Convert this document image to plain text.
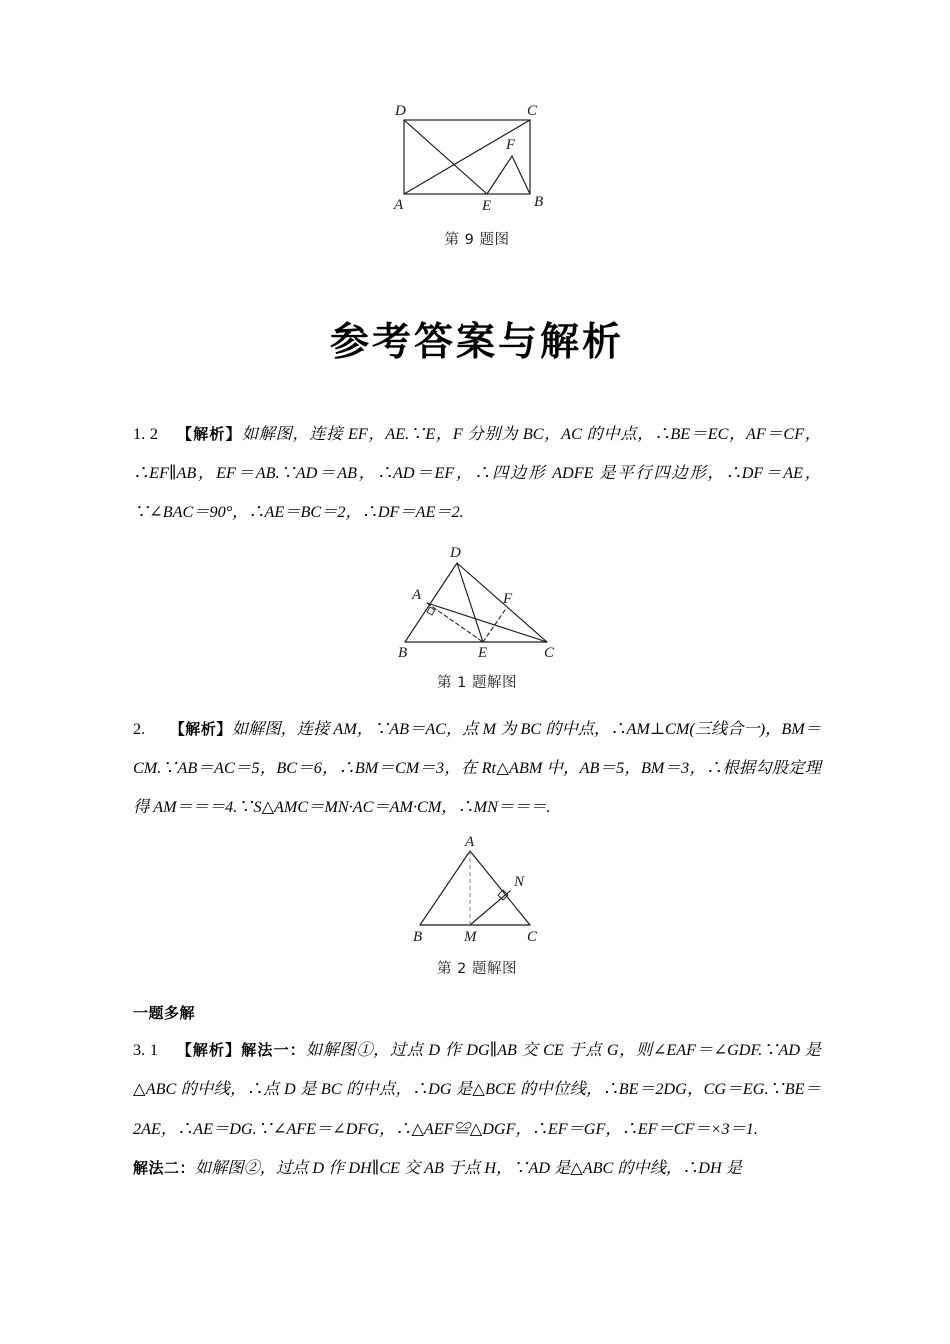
D	C
F
A	E	B
第 9 题图
参考答案与解析
1. 2 【解析】如解图，连接 EF，AE.∵E，F 分别为 BC，AC 的中点，∴BE＝EC，AF＝CF，∴EF∥AB，EF＝AB.∵AD＝AB，∴AD＝EF，∴四边形 ADFE 是平行四边形，∴DF＝AE，∵∠BAC＝90°，∴AE＝BC＝2，∴DF＝AE＝2.
D
A	F
B	E	C
第 1 题解图
2. 【解析】如解图，连接 AM，∵AB＝AC，点 M 为 BC 的中点，∴AM⊥CM(三线合一)，BM＝CM.∵AB＝AC＝5，BC＝6，∴BM＝CM＝3，在 Rt△ABM 中，AB＝5，BM＝3，∴根据勾股定理得 AM＝＝＝4.∵S△AMC＝MN·AC＝AM·CM，∴MN＝＝＝.
A
N
B	M	C
第 2 题解图
一题多解
3. 1 【解析】解法一：如解图①，过点 D 作 DG∥AB 交 CE 于点 G，则∠EAF＝∠GDF.∵AD 是△ABC 的中线，∴点 D 是 BC 的中点，∴DG 是△BCE 的中位线，∴BE＝2DG，CG＝EG.∵BE＝2AE，∴AE＝DG.∵∠AFE＝∠DFG，∴△AEF≌△DGF，∴EF＝GF，∴EF＝CF＝×3＝1.
解法二：如解图②，过点 D 作 DH∥CE 交 AB 于点 H，∵AD 是△ABC 的中线，∴DH 是
